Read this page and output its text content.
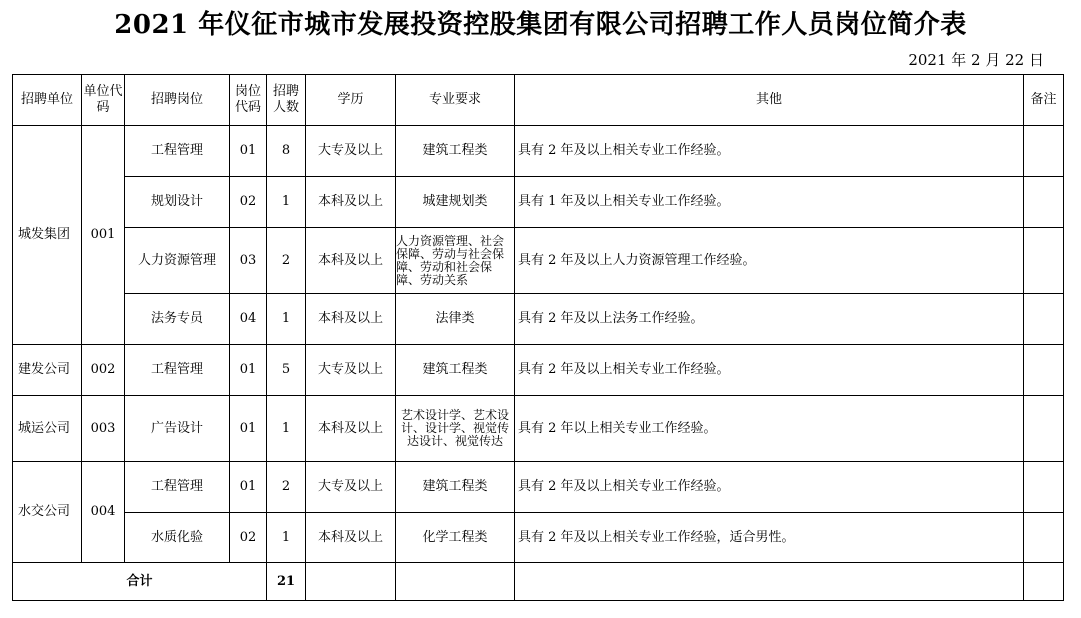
2021 年仪征市城市发展投资控股集团有限公司招聘工作人员岗位简介表
2021 年 2 月 22 日
招聘单位	单位代码	招聘岗位	岗位代码	招聘人数	学历	专业要求	其他	备注
城发集团	001	工程管理	01	8	大专及以上	建筑工程类	具有 2 年及以上相关专业工作经验。	
		规划设计	02	1	本科及以上	城建规划类	具有 1 年及以上相关专业工作经验。	
		人力资源管理	03	2	本科及以上	人力资源管理、社会保障、劳动与社会保障、劳动和社会保障、劳动关系	具有 2 年及以上人力资源管理工作经验。	
		法务专员	04	1	本科及以上	法律类	具有 2 年及以上法务工作经验。	
建发公司	002	工程管理	01	5	大专及以上	建筑工程类	具有 2 年及以上相关专业工作经验。	
城运公司	003	广告设计	01	1	本科及以上	艺术设计学、艺术设计、设计学、视觉传达设计、视觉传达	具有 2 年以上相关专业工作经验。	
水交公司	004	工程管理	01	2	大专及以上	建筑工程类	具有 2 年及以上相关专业工作经验。	
		水质化验	02	1	本科及以上	化学工程类	具有 2 年及以上相关专业工作经验，适合男性。	
合计				21				
